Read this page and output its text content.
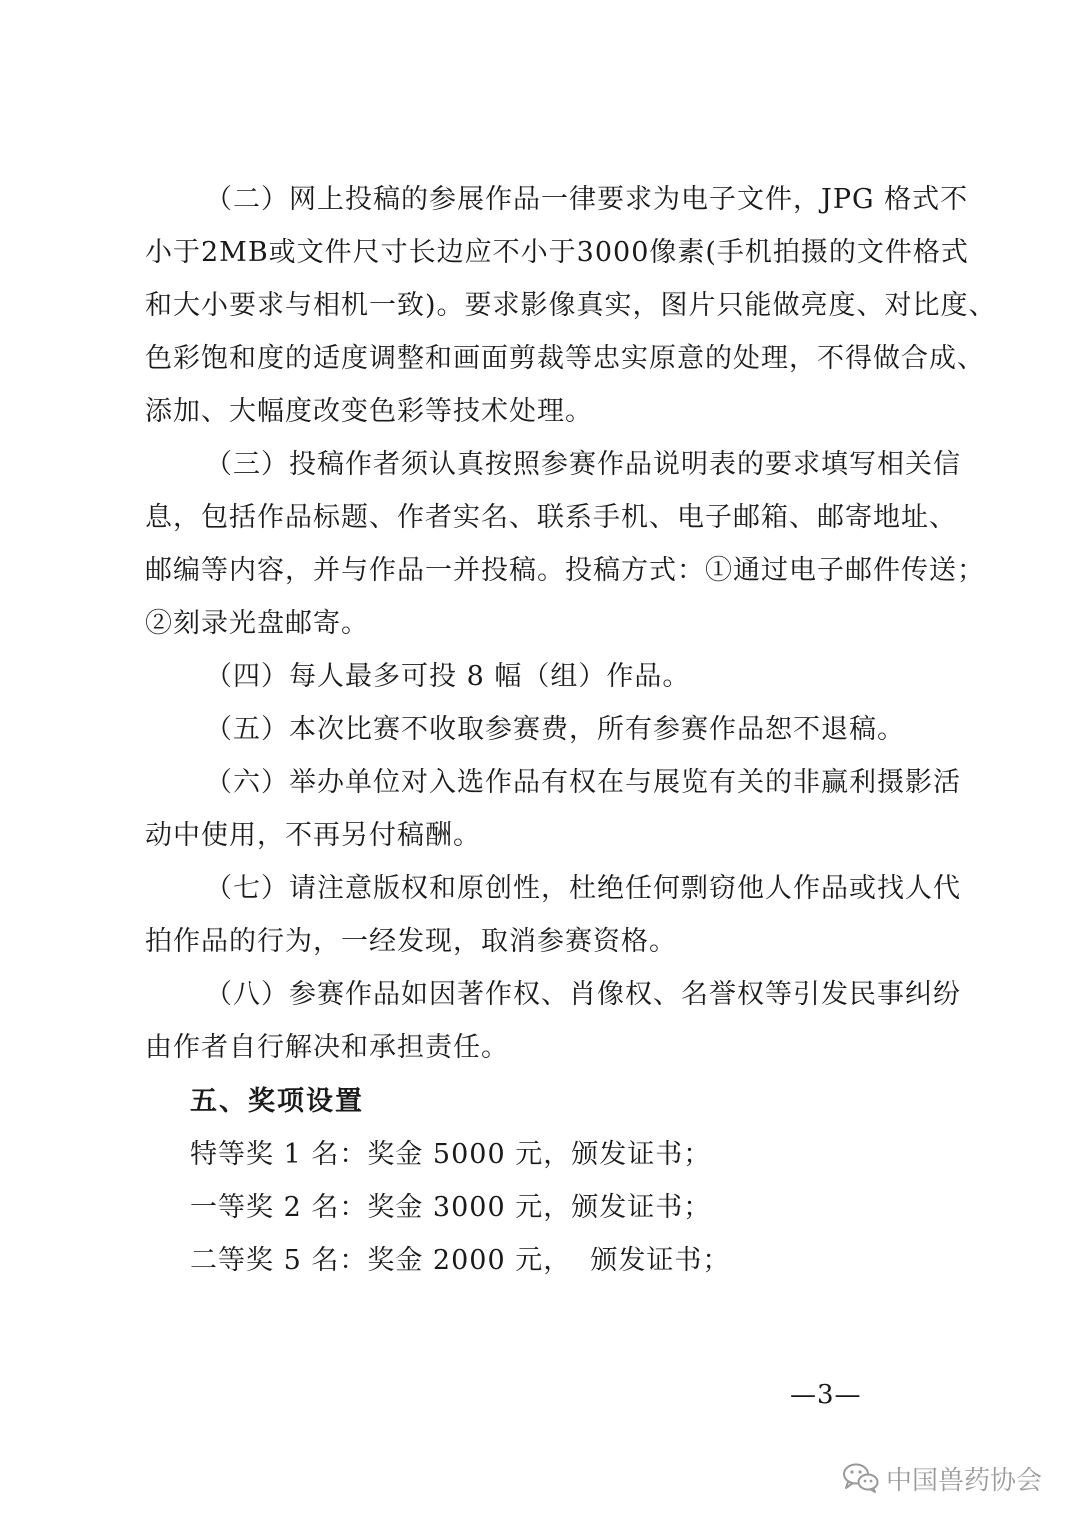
（二）网上投稿的参展作品一律要求为电子文件，JPG 格式不
小于2MB或文件尺寸长边应不小于3000像素(手机拍摄的文件格式
和大小要求与相机一致)。要求影像真实，图片只能做亮度、对比度、
色彩饱和度的适度调整和画面剪裁等忠实原意的处理，不得做合成、
添加、大幅度改变色彩等技术处理。
（三）投稿作者须认真按照参赛作品说明表的要求填写相关信
息，包括作品标题、作者实名、联系手机、电子邮箱、邮寄地址、
邮编等内容，并与作品一并投稿。投稿方式：①通过电子邮件传送；
②刻录光盘邮寄。
（四）每人最多可投 8 幅（组）作品。
（五）本次比赛不收取参赛费，所有参赛作品恕不退稿。
（六）举办单位对入选作品有权在与展览有关的非赢利摄影活
动中使用，不再另付稿酬。
（七）请注意版权和原创性，杜绝任何剽窃他人作品或找人代
拍作品的行为，一经发现，取消参赛资格。
（八）参赛作品如因著作权、肖像权、名誉权等引发民事纠纷
由作者自行解决和承担责任。
五、奖项设置
特等奖 1 名：奖金 5000 元，颁发证书；
一等奖 2 名：奖金 3000 元，颁发证书；
二等奖 5 名：奖金 2000 元，  颁发证书；
—3—
中国兽药协会
